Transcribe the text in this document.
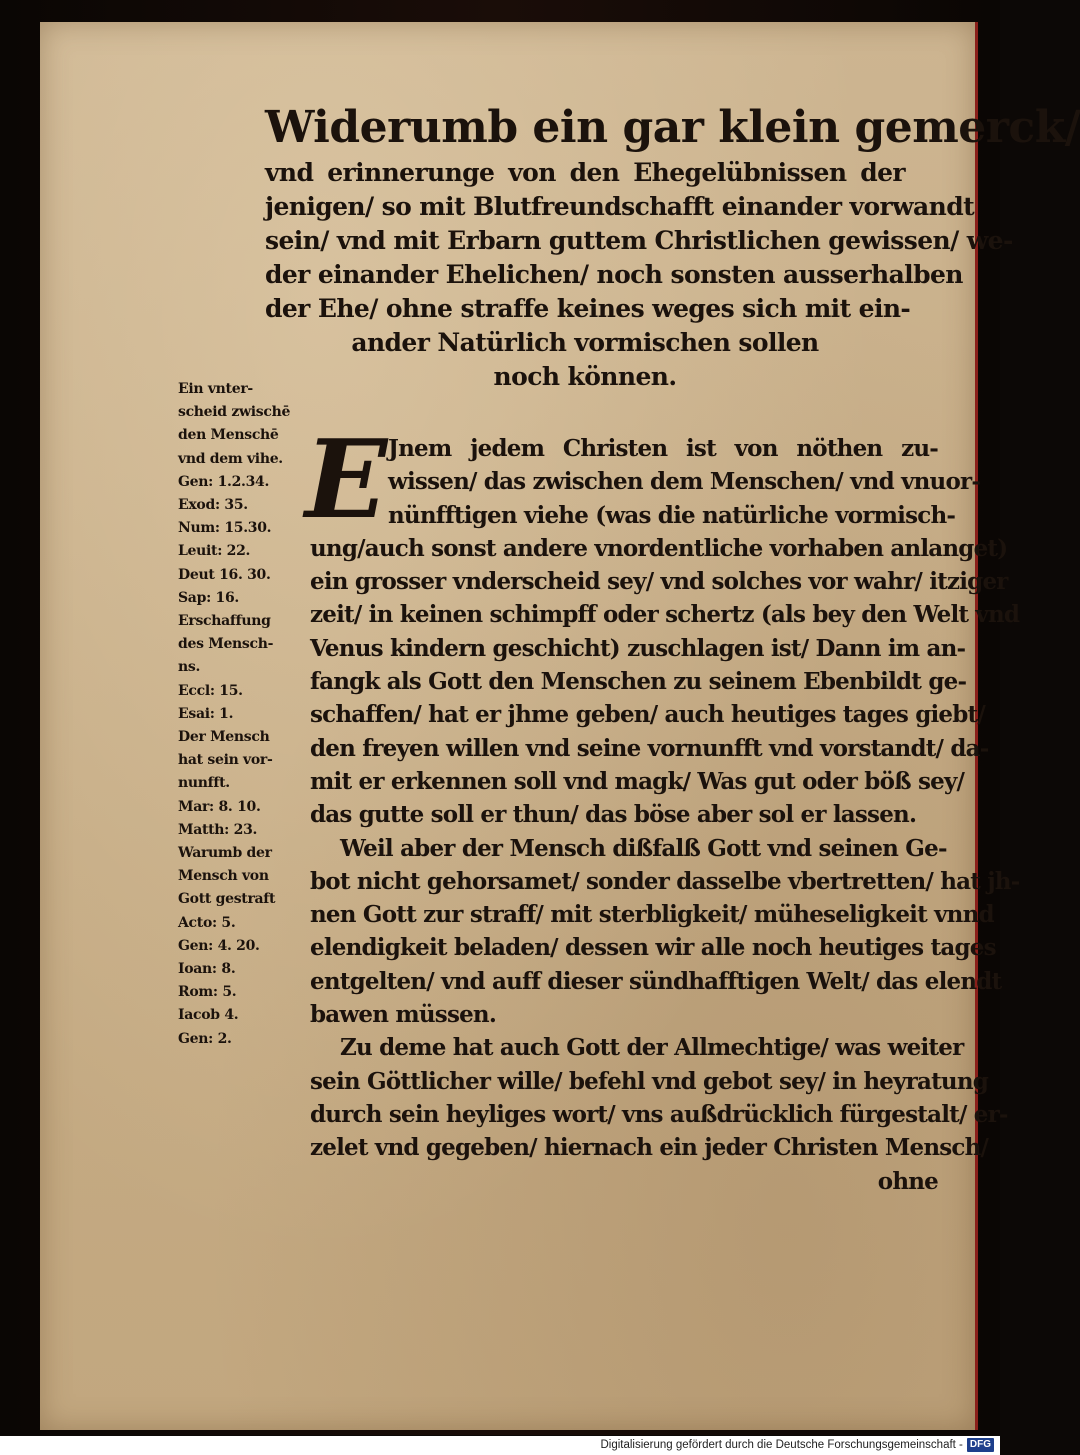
Widerumb ein gar klein gemerck/

vnd erinnerunge von den Ehegelübnissen der

jenigen/ so mit Blutfreundschafft einander vorwandt

sein/ vnd mit Erbarn guttem Christlichen gewissen/ we-

der einander Ehelichen/ noch sonsten ausserhalben

der Ehe/ ohne straffe keines weges sich mit ein-

ander Natürlich vormischen sollen

noch können.

Ein vnter-
scheid zwischē
den Menschē
vnd dem vihe.
Gen: 1.2.34.
Exod: 35.
Num: 15.30.
Leuit: 22.
Deut 16. 30.
Sap: 16.
Erschaffung
des Mensch-
ns.
Eccl: 15.
Esai: 1.
Der Mensch
hat sein vor-
nunfft.
Mar: 8. 10.
Matth: 23.
Warumb der
Mensch von
Gott gestraft
Acto: 5.
Gen: 4. 20.
Ioan: 8.
Rom: 5.
Iacob 4.
Gen: 2.
E Jnem jedem Christen ist von nöthen zu-
wissen/ das zwischen dem Menschen/ vnd vnuor-
nünfftigen viehe (was die natürliche vormisch-
ung/auch sonst andere vnordentliche vorhaben anlanget)
ein grosser vnderscheid sey/ vnd solches vor wahr/ itziger
zeit/ in keinen schimpff oder schertz (als bey den Welt vnd
Venus kindern geschicht) zuschlagen ist/ Dann im an-
fangk als Gott den Menschen zu seinem Ebenbildt ge-
schaffen/ hat er jhme geben/ auch heutiges tages giebt/
den freyen willen vnd seine vornunfft vnd vorstandt/ da-
mit er erkennen soll vnd magk/ Was gut oder böß sey/
das gutte soll er thun/ das böse aber sol er lassen.
Weil aber der Mensch dißfalß Gott vnd seinen Ge-
bot nicht gehorsamet/ sonder dasselbe vbertretten/ hat jh-
nen Gott zur straff/ mit sterbligkeit/ müheseligkeit vnnd
elendigkeit beladen/ dessen wir alle noch heutiges tages
entgelten/ vnd auff dieser sündhafftigen Welt/ das elendt
bawen müssen.
Zu deme hat auch Gott der Allmechtige/ was weiter
sein Göttlicher wille/ befehl vnd gebot sey/ in heyratung
durch sein heyliges wort/ vns außdrücklich fürgestalt/ er-
zelet vnd gegeben/ hiernach ein jeder Christen Mensch/
ohne
Digitalisierung gefördert durch die Deutsche Forschungsgemeinschaft - DFG
